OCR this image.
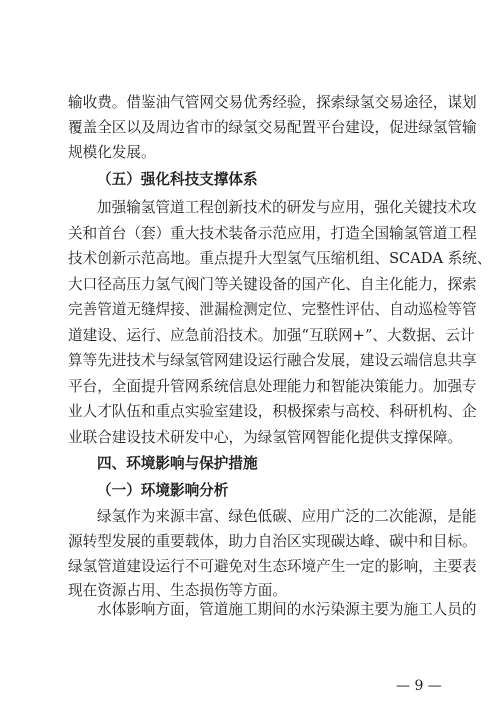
输收费。借鉴油气管网交易优秀经验，探索绿氢交易途径，谋划
覆盖全区以及周边省市的绿氢交易配置平台建设，促进绿氢管输
规模化发展。
（五）强化科技支撑体系
加强输氢管道工程创新技术的研发与应用，强化关键技术攻
关和首台（套）重大技术装备示范应用，打造全国输氢管道工程
技术创新示范高地。重点提升大型氢气压缩机组、SCADA 系统、
大口径高压力氢气阀门等关键设备的国产化、自主化能力，探索
完善管道无缝焊接、泄漏检测定位、完整性评估、自动巡检等管
道建设、运行、应急前沿技术。加强“互联网+”、大数据、云计
算等先进技术与绿氢管网建设运行融合发展，建设云端信息共享
平台，全面提升管网系统信息处理能力和智能决策能力。加强专
业人才队伍和重点实验室建设，积极探索与高校、科研机构、企
业联合建设技术研发中心，为绿氢管网智能化提供支撑保障。
四、环境影响与保护措施
（一）环境影响分析
绿氢作为来源丰富、绿色低碳、应用广泛的二次能源，是能
源转型发展的重要载体，助力自治区实现碳达峰、碳中和目标。
绿氢管道建设运行不可避免对生态环境产生一定的影响，主要表
现在资源占用、生态损伤等方面。
水体影响方面，管道施工期间的水污染源主要为施工人员的
— 9 —
